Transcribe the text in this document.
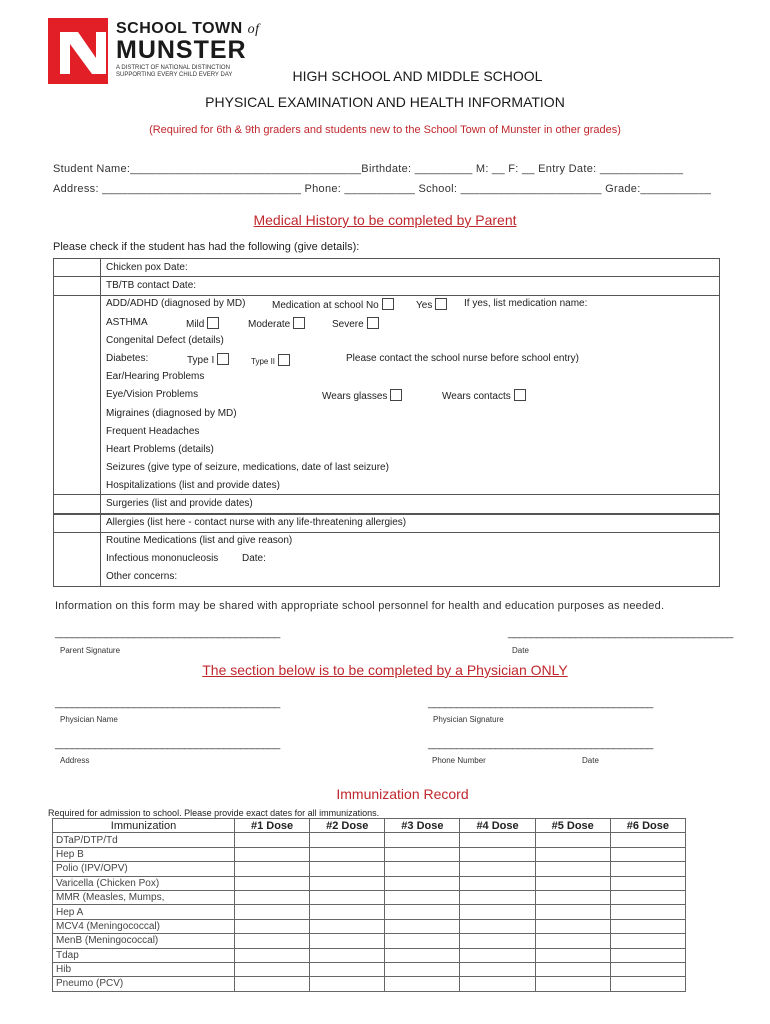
SCHOOL TOWN of
MUNSTER
A DISTRICT OF NATIONAL DISTINCTION
SUPPORTING EVERY CHILD EVERY DAY	HIGH SCHOOL AND MIDDLE SCHOOL
PHYSICAL EXAMINATION AND HEALTH INFORMATION
(Required for 6th & 9th graders and students new to the School Town of Munster in other grades)
Student Name:____________________________________Birthdate: _________ M: __ F: __ Entry Date: _____________
Address: _______________________________ Phone: ___________ School: ______________________ Grade:___________
Medical History to be completed by Parent
Please check if the student has had the following (give details):
Chicken pox Date:
TB/TB contact Date:
ADD/ADHD (diagnosed by MD)	Medication at school No	Yes	If yes, list medication name:
ASTHMA	Mild	Moderate	Severe
Congenital Defect (details)
Diabetes:	Type I	Type II	Please contact the school nurse before school entry)
Ear/Hearing Problems
Eye/Vision Problems	Wears glasses	Wears contacts
Migraines (diagnosed by MD)
Frequent Headaches
Heart Problems (details)
Seizures (give type of seizure, medications, date of last seizure)
Hospitalizations (list and provide dates)
Surgeries (list and provide dates)
Allergies (list here - contact nurse with any life-threatening allergies)
Routine Medications (list and give reason)
Infectious mononucleosis Date:
Other concerns:
Information on this form may be shared with appropriate school personnel for health and education purposes as needed.
________________________________________
Parent Signature
________________________________________
Date
The section below is to be completed by a Physician ONLY
________________________________________
Physician Name
________________________________________
Physician Signature
________________________________________
Address
________________________________________
Phone Number	Date
Immunization Record
Required for admission to school. Please provide exact dates for all immunizations.
Immunization	#1 Dose	#2 Dose	#3 Dose	#4 Dose	#5 Dose	#6 Dose
DTaP/DTP/Td						
Hep B						
Polio (IPV/OPV)						
Varicella (Chicken Pox)						
MMR (Measles, Mumps,						
Hep A						
MCV4 (Meningococcal)						
MenB (Meningococcal)						
Tdap						
Hib						
Pneumo (PCV)						
